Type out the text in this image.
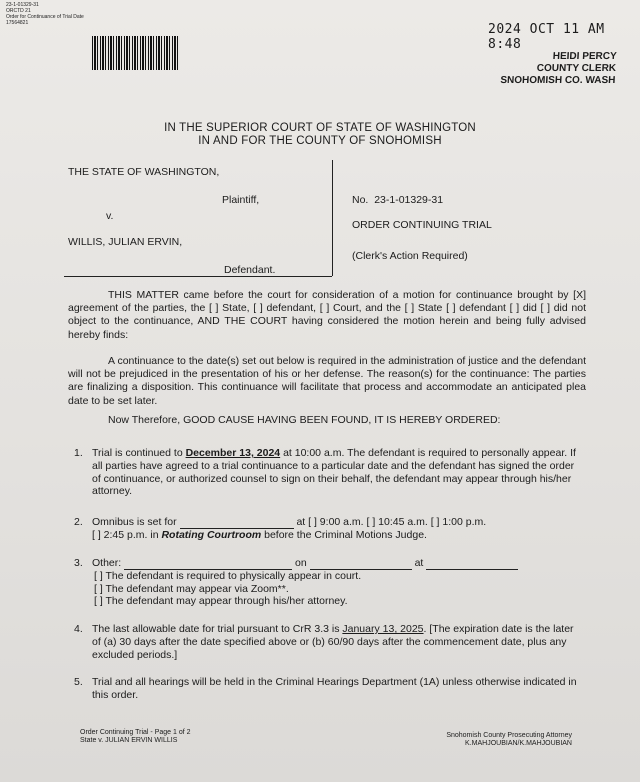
23-1-01329-31
ORCTD 21
Order for Continuance of Trial Date
17564821	2024 OCT 11 AM 8:48
HEIDI PERCY
COUNTY CLERK
SNOHOMISH CO. WASH
IN THE SUPERIOR COURT OF STATE OF WASHINGTON
IN AND FOR THE COUNTY OF SNOHOMISH
THE STATE OF WASHINGTON,
Plaintiff,
v.
WILLIS, JULIAN ERVIN,
Defendant.
No. 23-1-01329-31
ORDER CONTINUING TRIAL
(Clerk's Action Required)
THIS MATTER came before the court for consideration of a motion for continuance brought by [X] agreement of the parties, the [ ] State, [ ] defendant, [ ] Court, and the [ ] State [ ] defendant [ ] did [ ] did not object to the continuance, AND THE COURT having considered the motion herein and being fully advised hereby finds:
A continuance to the date(s) set out below is required in the administration of justice and the defendant will not be prejudiced in the presentation of his or her defense. The reason(s) for the continuance: The parties are finalizing a disposition. This continuance will facilitate that process and accommodate an anticipated plea date to be set later.
Now Therefore, GOOD CAUSE HAVING BEEN FOUND, IT IS HEREBY ORDERED:
1. Trial is continued to December 13, 2024 at 10:00 a.m. The defendant is required to personally appear. If all parties have agreed to a trial continuance to a particular date and the defendant has signed the order of continuance, or authorized counsel to sign on their behalf, the defendant may appear through his/her attorney.
2. Omnibus is set for	at [ ] 9:00 a.m. [ ] 10:45 a.m. [ ] 1:00 p.m.
[ ] 2:45 p.m. in Rotating Courtroom before the Criminal Motions Judge.
3. Other:	on	at
[ ] The defendant is required to physically appear in court.
[ ] The defendant may appear via Zoom**.
[ ] The defendant may appear through his/her attorney.
4. The last allowable date for trial pursuant to CrR 3.3 is January 13, 2025. [The expiration date is the later of (a) 30 days after the date specified above or (b) 60/90 days after the commencement date, plus any excluded periods.]
5. Trial and all hearings will be held in the Criminal Hearings Department (1A) unless otherwise indicated in this order.
Order Continuing Trial - Page 1 of 2
State v. JULIAN ERVIN WILLIS
Snohomish County Prosecuting Attorney
K.MAHJOUBIAN/K.MAHJOUBIAN
